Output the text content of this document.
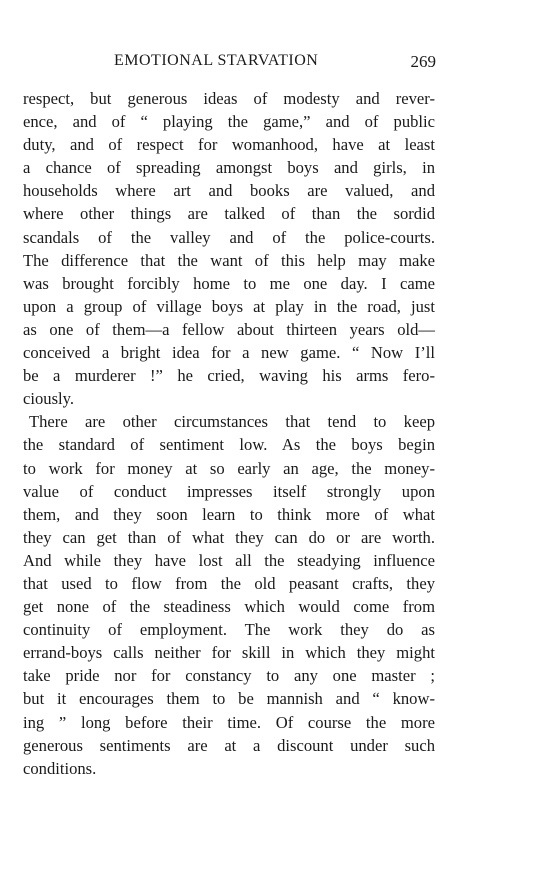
EMOTIONAL STARVATION	269
respect, but generous ideas of modesty and rever-
ence, and of “ playing the game,” and of public
duty, and of respect for womanhood, have at least
a chance of spreading amongst boys and girls, in
households where art and books are valued, and
where other things are talked of than the sordid
scandals of the valley and of the police-courts.
The difference that the want of this help may make
was brought forcibly home to me one day. I came
upon a group of village boys at play in the road, just
as one of them—a fellow about thirteen years old—
conceived a bright idea for a new game. “ Now I’ll
be a murderer !” he cried, waving his arms fero-
ciously.
There are other circumstances that tend to keep
the standard of sentiment low. As the boys begin
to work for money at so early an age, the money-
value of conduct impresses itself strongly upon
them, and they soon learn to think more of what
they can get than of what they can do or are worth.
And while they have lost all the steadying influence
that used to flow from the old peasant crafts, they
get none of the steadiness which would come from
continuity of employment. The work they do as
errand-boys calls neither for skill in which they might
take pride nor for constancy to any one master ;
but it encourages them to be mannish and “ know-
ing ” long before their time. Of course the more
generous sentiments are at a discount under such
conditions.
